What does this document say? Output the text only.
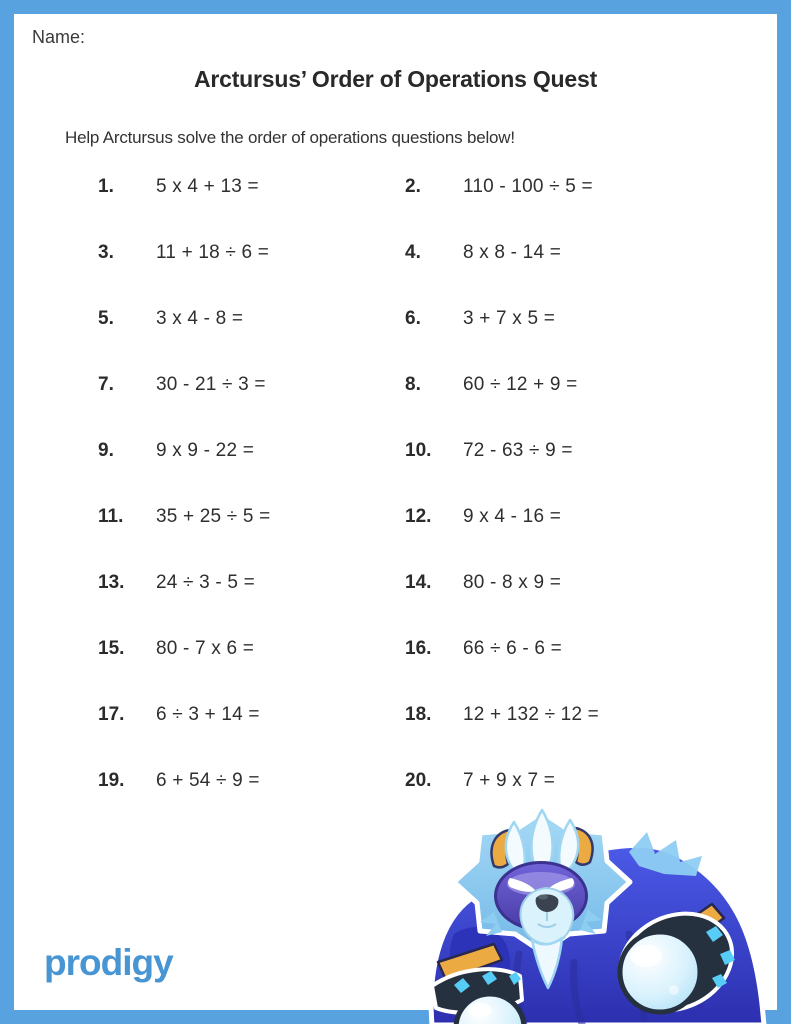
Name:
Arctursus’ Order of Operations Quest
Help Arctursus solve the order of operations questions below!
1.	5 x 4 + 13 =	2.	110 - 100 ÷ 5 =
3.	11 + 18 ÷ 6 =	4.	8 x 8 - 14 =
5.	3 x 4 - 8 =	6.	3 + 7 x 5 =
7.	30 - 21 ÷ 3 =	8.	60 ÷ 12 + 9 =
9.	9 x 9 - 22 =	10.	72 - 63 ÷ 9 =
11.	35 + 25 ÷ 5 =	12.	9 x 4 - 16 =
13.	24 ÷ 3 - 5 =	14.	80 - 8 x 9 =
15.	80 - 7 x 6 =	16.	66 ÷ 6 - 6 =
17.	6 ÷ 3 + 14 =	18.	12 + 132 ÷ 12 =
19.	6 + 54 ÷ 9 =	20.	7 + 9 x 7 =
prodigy
